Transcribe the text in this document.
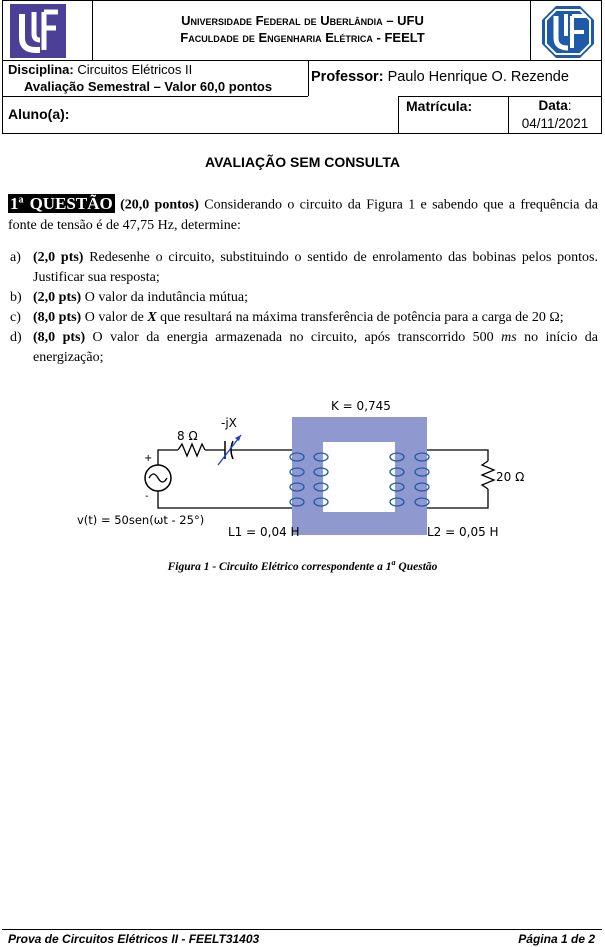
Universidade Federal de Uberlândia – UFU
Faculdade de Engenharia Elétrica - FEELT
Disciplina: Circuitos Elétricos II
Avaliação Semestral – Valor 60,0 pontos
Professor: Paulo Henrique O. Rezende
Aluno(a):	Matrícula:	Data:
04/11/2021
AVALIAÇÃO SEM CONSULTA
1$^a$ QUESTÃO (20,0 pontos) Considerando o circuito da Figura 1 e sabendo que a frequência da fonte de tensão é de 47,75 Hz, determine:
a) (2,0 pts) Redesenhe o circuito, substituindo o sentido de enrolamento das bobinas pelos pontos. Justificar sua resposta;
b) (2,0 pts) O valor da indutância mútua;
c) (8,0 pts) O valor de X que resultará na máxima transferência de potência para a carga de 20 Ω;
d) (8,0 pts) O valor da energia armazenada no circuito, após transcorrido 500 ms no início da energização;
K = 0,745
+
-
8 Ω
-jX
20 Ω
v(t) = 50sen(ωt - 25°)
L1 = 0,04 H	L2 = 0,05 H
Figura 1 - Circuito Elétrico correspondente a 1$^a$ Questão
Prova de Circuitos Elétricos II - FEELT31403	Página 1 de 2
